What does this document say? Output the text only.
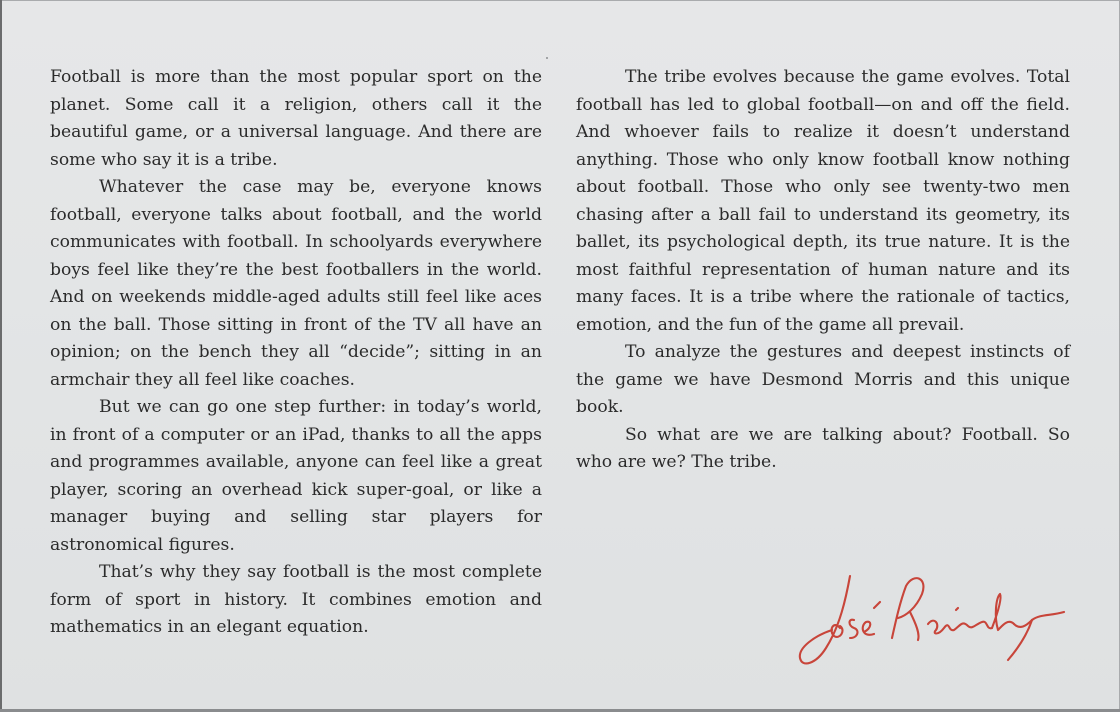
Football is more than the most popular sport on the planet. Some call it a religion, others call it the beautiful game, or a universal language. And there are some who say it is a tribe.

Whatever the case may be, everyone knows football, everyone talks about football, and the world communicates with football. In schoolyards everywhere boys feel like they’re the best footballers in the world. And on weekends middle-aged adults still feel like aces on the ball. Those sitting in front of the TV all have an opinion; on the bench they all “decide”; sitting in an armchair they all feel like coaches.

But we can go one step further: in today’s world, in front of a computer or an iPad, thanks to all the apps and programmes available, anyone can feel like a great player, scoring an overhead kick super-goal, or like a manager buying and selling star players for astronomical figures.

That’s why they say football is the most complete form of sport in history. It combines emotion and mathematics in an elegant equation.

The tribe evolves because the game evolves. Total football has led to global football—on and off the field. And whoever fails to realize it doesn’t understand anything. Those who only know football know nothing about football. Those who only see twenty-two men chasing after a ball fail to understand its geometry, its ballet, its psychological depth, its true nature. It is the most faithful representation of human nature and its many faces. It is a tribe where the rationale of tactics, emotion, and the fun of the game all prevail.

To analyze the gestures and deepest instincts of the game we have Desmond Morris and this unique book.

So what are we are talking about? Football. So who are we? The tribe.
